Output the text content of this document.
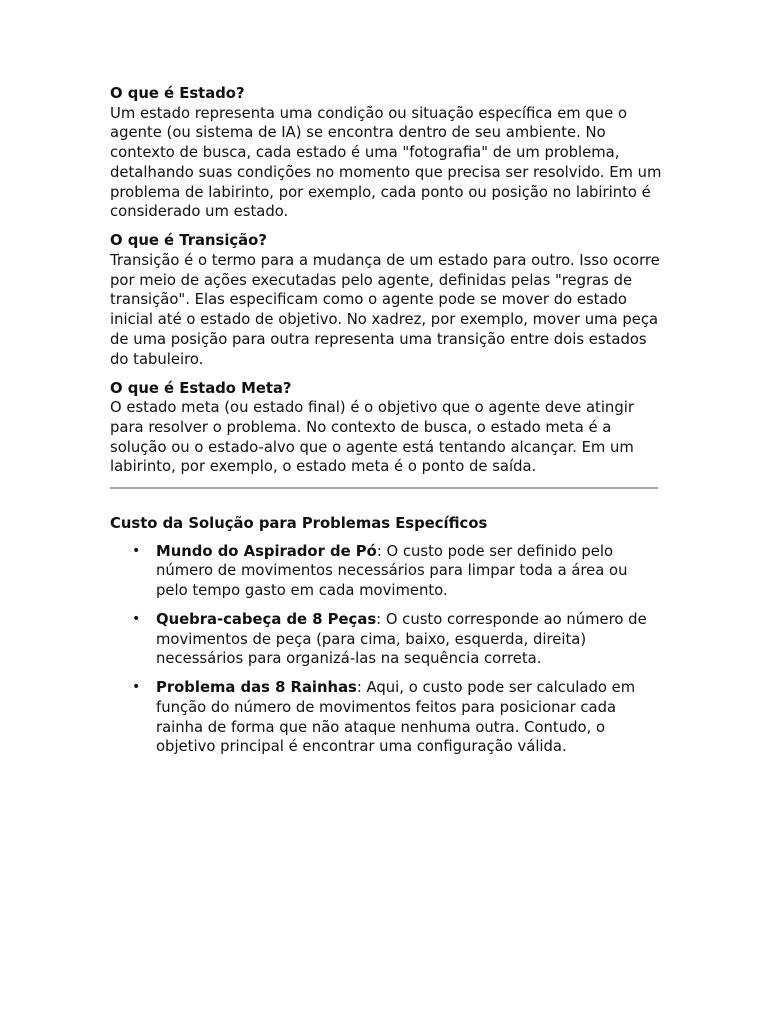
O que é Estado?

Um estado representa uma condição ou situação específica em que o agente (ou sistema de IA) se encontra dentro de seu ambiente. No contexto de busca, cada estado é uma "fotografia" de um problema, detalhando suas condições no momento que precisa ser resolvido. Em um problema de labirinto, por exemplo, cada ponto ou posição no labirinto é considerado um estado.

O que é Transição?

Transição é o termo para a mudança de um estado para outro. Isso ocorre por meio de ações executadas pelo agente, definidas pelas "regras de transição". Elas especificam como o agente pode se mover do estado inicial até o estado de objetivo. No xadrez, por exemplo, mover uma peça de uma posição para outra representa uma transição entre dois estados do tabuleiro.

O que é Estado Meta?

O estado meta (ou estado final) é o objetivo que o agente deve atingir para resolver o problema. No contexto de busca, o estado meta é a solução ou o estado-alvo que o agente está tentando alcançar. Em um labirinto, por exemplo, o estado meta é o ponto de saída.

Custo da Solução para Problemas Específicos

• Mundo do Aspirador de Pó: O custo pode ser definido pelo número de movimentos necessários para limpar toda a área ou pelo tempo gasto em cada movimento.
• Quebra-cabeça de 8 Peças: O custo corresponde ao número de movimentos de peça (para cima, baixo, esquerda, direita) necessários para organizá-las na sequência correta.
• Problema das 8 Rainhas: Aqui, o custo pode ser calculado em função do número de movimentos feitos para posicionar cada rainha de forma que não ataque nenhuma outra. Contudo, o objetivo principal é encontrar uma configuração válida.
